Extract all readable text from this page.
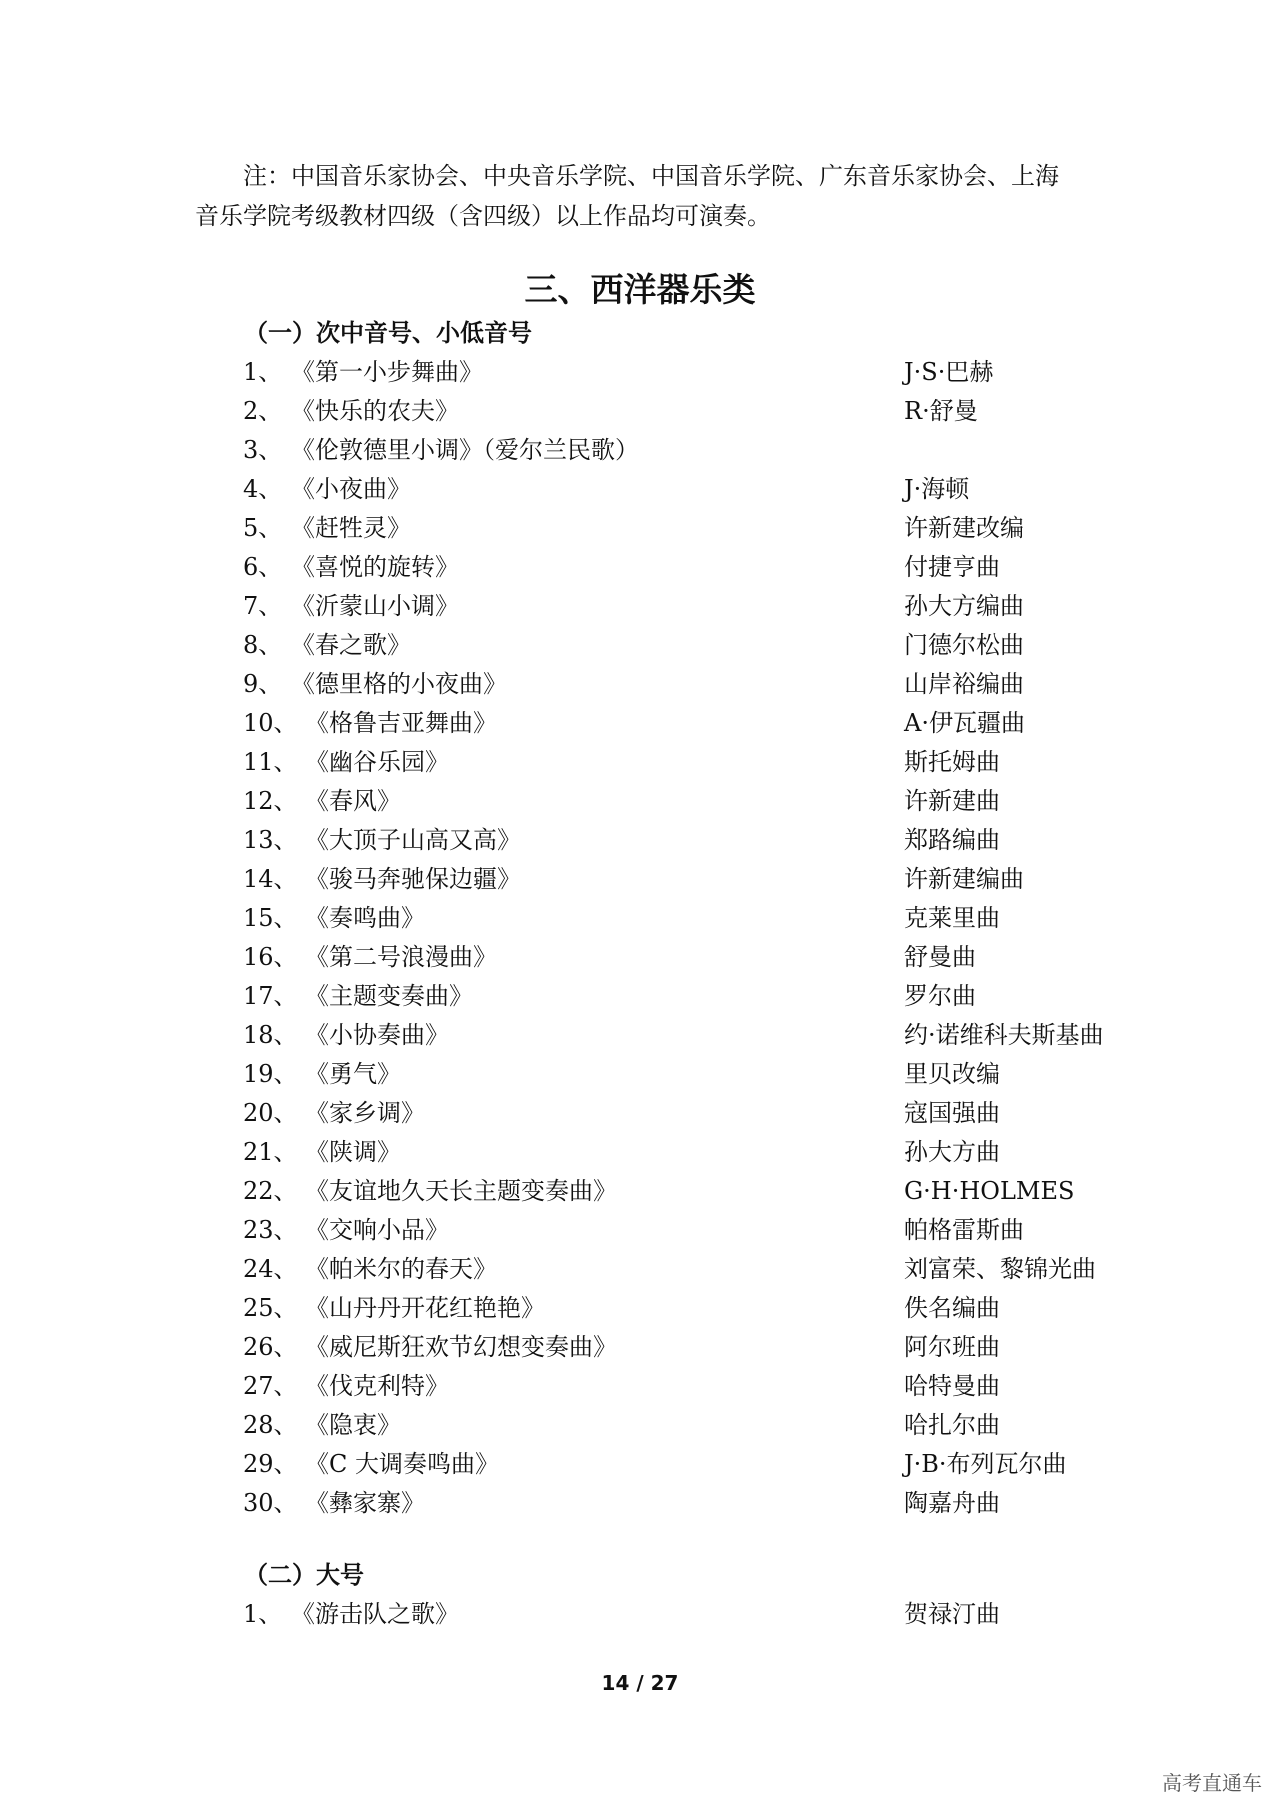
注：中国音乐家协会、中央音乐学院、中国音乐学院、广东音乐家协会、上海

音乐学院考级教材四级（含四级）以上作品均可演奏。

三、西洋器乐类
（一）次中音号、小低音号
1、 《第一小步舞曲》	J·S·巴赫
2、 《快乐的农夫》	R·舒曼
3、 《伦敦德里小调》（爱尔兰民歌）
4、 《小夜曲》	J·海顿
5、 《赶牲灵》	许新建改编
6、 《喜悦的旋转》	付捷亨曲
7、 《沂蒙山小调》	孙大方编曲
8、 《春之歌》	门德尔松曲
9、 《德里格的小夜曲》	山岸裕编曲
10、 《格鲁吉亚舞曲》	A·伊瓦疆曲
11、 《幽谷乐园》	斯托姆曲
12、 《春风》	许新建曲
13、 《大顶子山高又高》	郑路编曲
14、 《骏马奔驰保边疆》	许新建编曲
15、 《奏鸣曲》	克莱里曲
16、 《第二号浪漫曲》	舒曼曲
17、 《主题变奏曲》	罗尔曲
18、 《小协奏曲》	约·诺维科夫斯基曲
19、 《勇气》	里贝改编
20、 《家乡调》	寇国强曲
21、 《陕调》	孙大方曲
22、 《友谊地久天长主题变奏曲》	G·H·HOLMES
23、 《交响小品》	帕格雷斯曲
24、 《帕米尔的春天》	刘富荣、黎锦光曲
25、 《山丹丹开花红艳艳》	佚名编曲
26、 《威尼斯狂欢节幻想变奏曲》	阿尔班曲
27、 《伐克利特》	哈特曼曲
28、 《隐衷》	哈扎尔曲
29、 《C 大调奏鸣曲》	J·B·布列瓦尔曲
30、 《彝家寨》	陶嘉舟曲
（二）大号
1、 《游击队之歌》	贺禄汀曲
14 / 27
高考直通车
